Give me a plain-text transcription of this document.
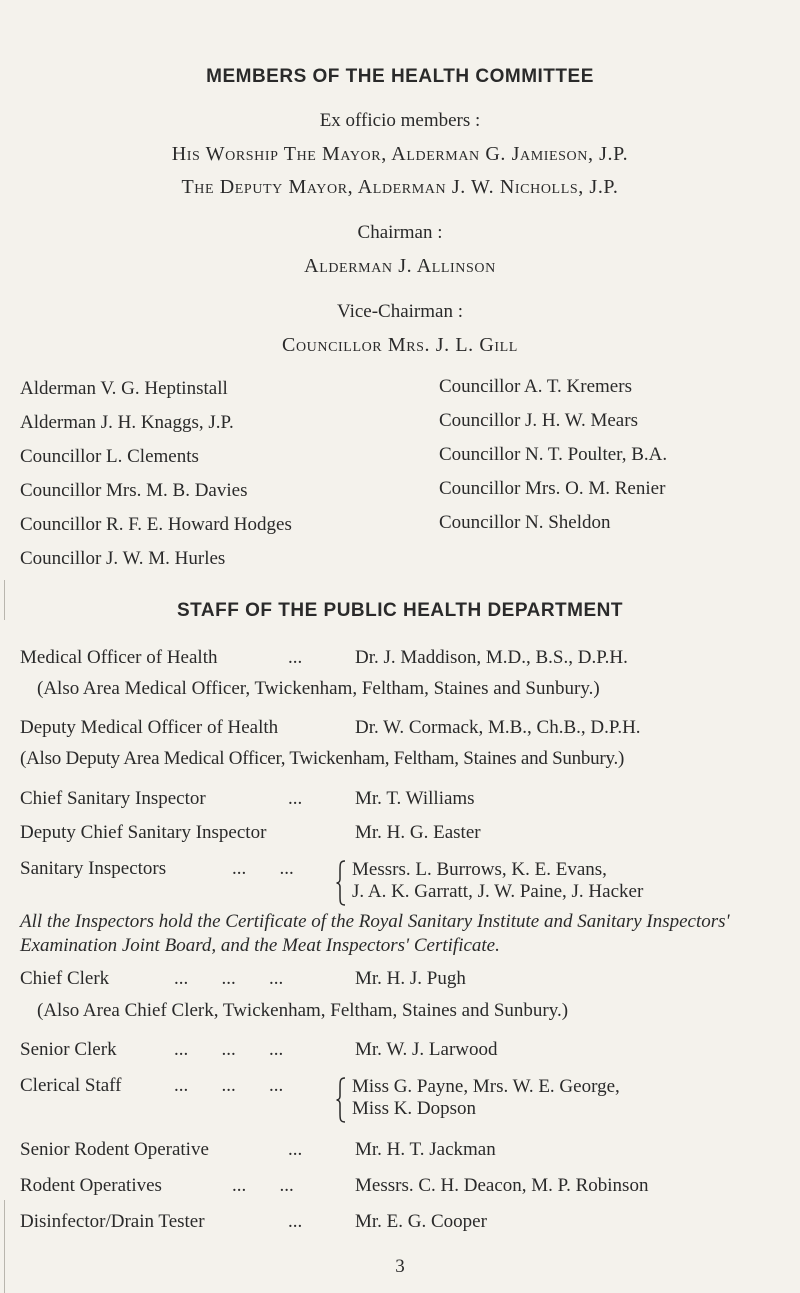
MEMBERS OF THE HEALTH COMMITTEE
Ex officio members :
His Worship The Mayor, Alderman G. Jamieson, J.P.
The Deputy Mayor, Alderman J. W. Nicholls, J.P.
Chairman :
Alderman J. Allinson
Vice-Chairman :
Councillor Mrs. J. L. Gill
Alderman V. G. Heptinstall
Alderman J. H. Knaggs, J.P.
Councillor L. Clements
Councillor Mrs. M. B. Davies
Councillor R. F. E. Howard Hodges
Councillor J. W. M. Hurles
Councillor A. T. Kremers
Councillor J. H. W. Mears
Councillor N. T. Poulter, B.A.
Councillor Mrs. O. M. Renier
Councillor N. Sheldon
STAFF OF THE PUBLIC HEALTH DEPARTMENT
Medical Officer of Health	...	Dr. J. Maddison, M.D., B.S., D.P.H.
(Also Area Medical Officer, Twickenham, Feltham, Staines and Sunbury.)
Deputy Medical Officer of Health	Dr. W. Cormack, M.B., Ch.B., D.P.H.
(Also Deputy Area Medical Officer, Twickenham, Feltham, Staines and Sunbury.)
Chief Sanitary Inspector	...	Mr. T. Williams
Deputy Chief Sanitary Inspector	Mr. H. G. Easter
Sanitary Inspectors	...       ...	Messrs. L. Burrows, K. E. Evans,
J. A. K. Garratt, J. W. Paine, J. Hacker
All the Inspectors hold the Certificate of the Royal Sanitary Institute and Sanitary Inspectors' Examination Joint Board, and the Meat Inspectors' Certificate.
Chief Clerk	...       ...       ...	Mr. H. J. Pugh
(Also Area Chief Clerk, Twickenham, Feltham, Staines and Sunbury.)
Senior Clerk	...       ...       ...	Mr. W. J. Larwood
Clerical Staff	...       ...       ...	Miss G. Payne, Mrs. W. E. George,
Miss K. Dopson
Senior Rodent Operative	...	Mr. H. T. Jackman
Rodent Operatives	...       ...	Messrs. C. H. Deacon, M. P. Robinson
Disinfector/Drain Tester	...	Mr. E. G. Cooper
3
